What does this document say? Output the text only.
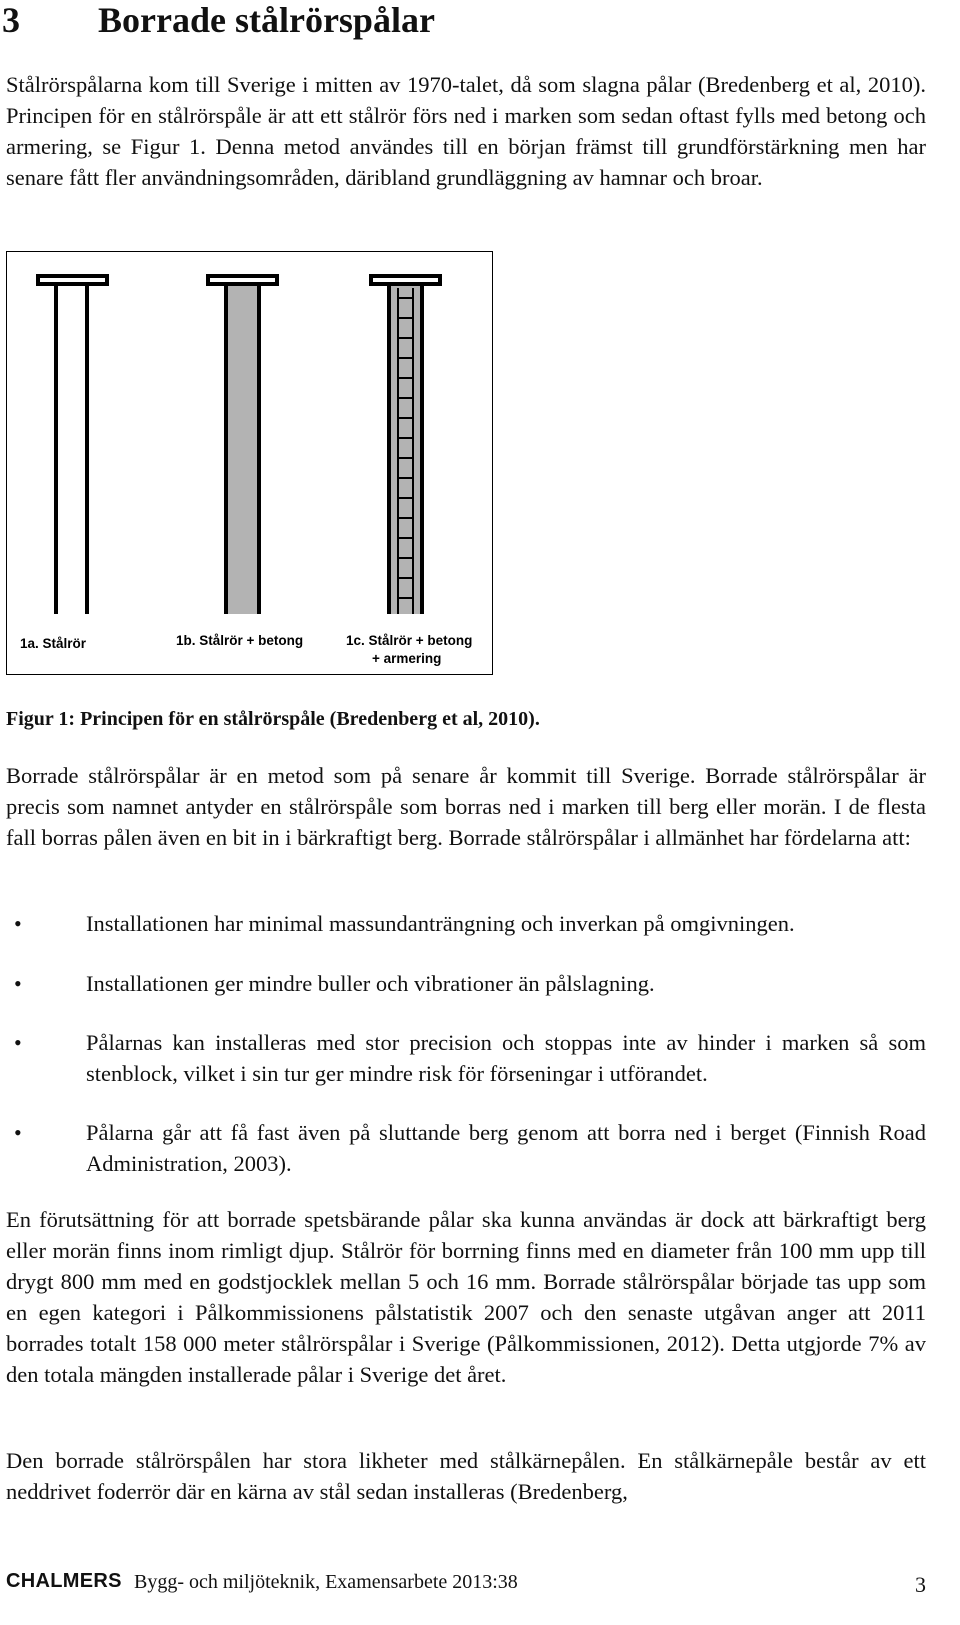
3 Borrade stålrörspålar

Stålrörspålarna kom till Sverige i mitten av 1970-talet, då som slagna pålar (Bredenberg et al, 2010). Principen för en stålrörspåle är att ett stålrör förs ned i marken som sedan oftast fylls med betong och armering, se Figur 1. Denna metod användes till en början främst till grundförstärkning men har senare fått fler användningsområden, däribland grundläggning av hamnar och broar.

1a. Stålrör	1b. Stålrör + betong	1c. Stålrör + betong
+ armering

Figur 1: Principen för en stålrörspåle (Bredenberg et al, 2010).

Borrade stålrörspålar är en metod som på senare år kommit till Sverige. Borrade stålrörspålar är precis som namnet antyder en stålrörspåle som borras ned i marken till berg eller morän. I de flesta fall borras pålen även en bit in i bärkraftigt berg. Borrade stålrörspålar i allmänhet har fördelarna att:

• Installationen har minimal massundanträngning och inverkan på omgivningen.
• Installationen ger mindre buller och vibrationer än pålslagning.
• Pålarnas kan installeras med stor precision och stoppas inte av hinder i marken så som stenblock, vilket i sin tur ger mindre risk för förseningar i utförandet.
• Pålarna går att få fast även på sluttande berg genom att borra ned i berget (Finnish Road Administration, 2003).

En förutsättning för att borrade spetsbärande pålar ska kunna användas är dock att bärkraftigt berg eller morän finns inom rimligt djup. Stålrör för borrning finns med en diameter från 100 mm upp till drygt 800 mm med en godstjocklek mellan 5 och 16 mm. Borrade stålrörspålar började tas upp som en egen kategori i Pålkommissionens pålstatistik 2007 och den senaste utgåvan anger att 2011 borrades totalt 158 000 meter stålrörspålar i Sverige (Pålkommissionen, 2012). Detta utgjorde 7% av den totala mängden installerade pålar i Sverige det året.

Den borrade stålrörspålen har stora likheter med stålkärnepålen. En stålkärnepåle består av ett neddrivet foderrör där en kärna av stål sedan installeras (Bredenberg,

CHALMERS Bygg- och miljöteknik, Examensarbete 2013:38	3
